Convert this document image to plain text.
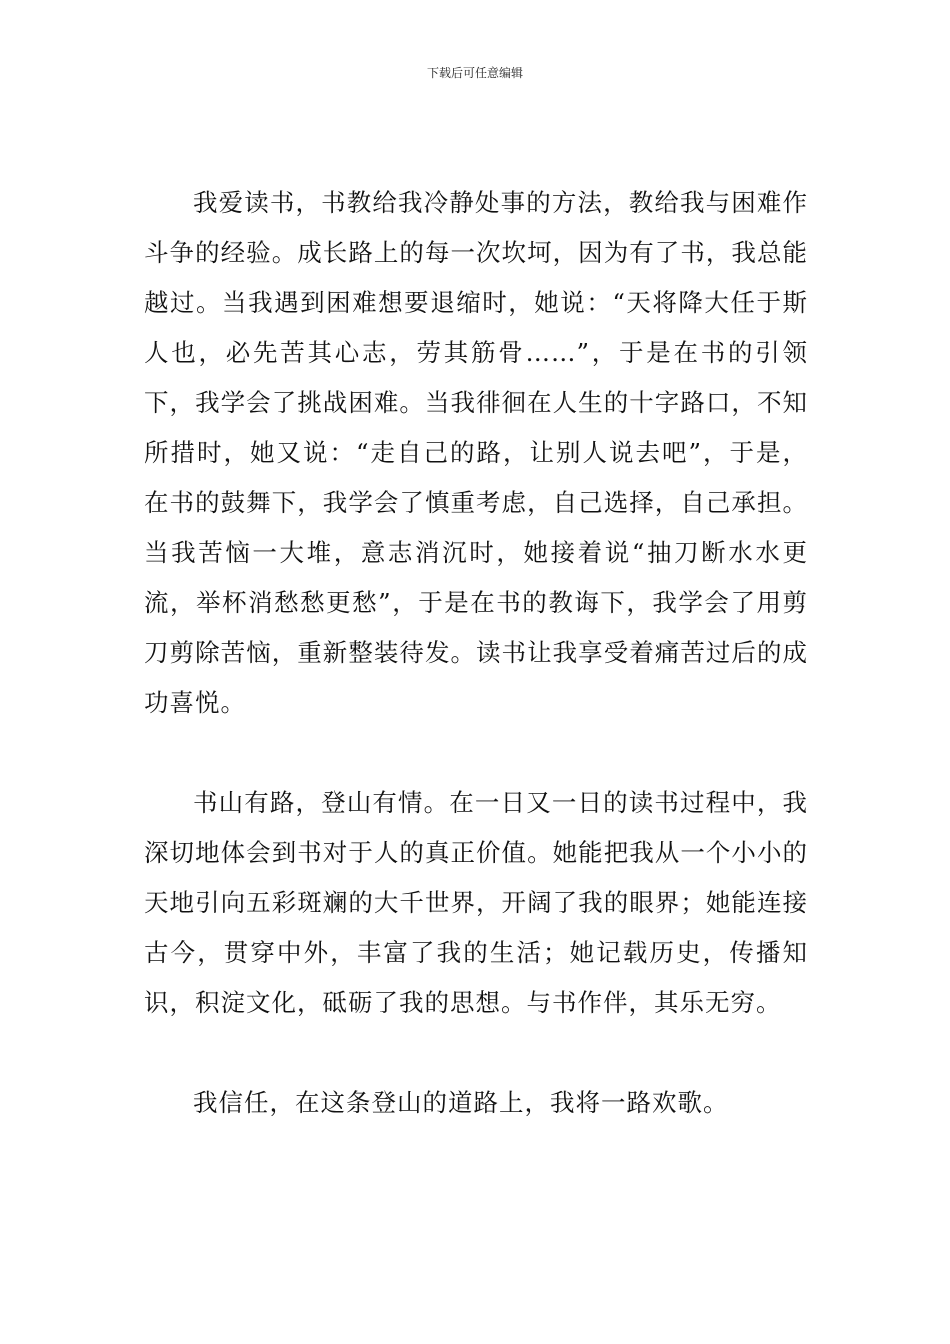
下载后可任意编辑

我爱读书，书教给我冷静处事的方法，教给我与困难作斗争的经验。成长路上的每一次坎坷，因为有了书，我总能越过。当我遇到困难想要退缩时，她说：“天将降大任于斯人也，必先苦其心志，劳其筋骨……”，于是在书的引领下，我学会了挑战困难。当我徘徊在人生的十字路口，不知所措时，她又说：“走自己的路，让别人说去吧”，于是，在书的鼓舞下，我学会了慎重考虑，自己选择，自己承担。当我苦恼一大堆，意志消沉时，她接着说“抽刀断水水更流，举杯消愁愁更愁”，于是在书的教诲下，我学会了用剪刀剪除苦恼，重新整装待发。读书让我享受着痛苦过后的成功喜悦。

书山有路，登山有情。在一日又一日的读书过程中，我深切地体会到书对于人的真正价值。她能把我从一个小小的天地引向五彩斑斓的大千世界，开阔了我的眼界；她能连接古今，贯穿中外，丰富了我的生活；她记载历史，传播知识，积淀文化，砥砺了我的思想。与书作伴，其乐无穷。

我信任，在这条登山的道路上，我将一路欢歌。
